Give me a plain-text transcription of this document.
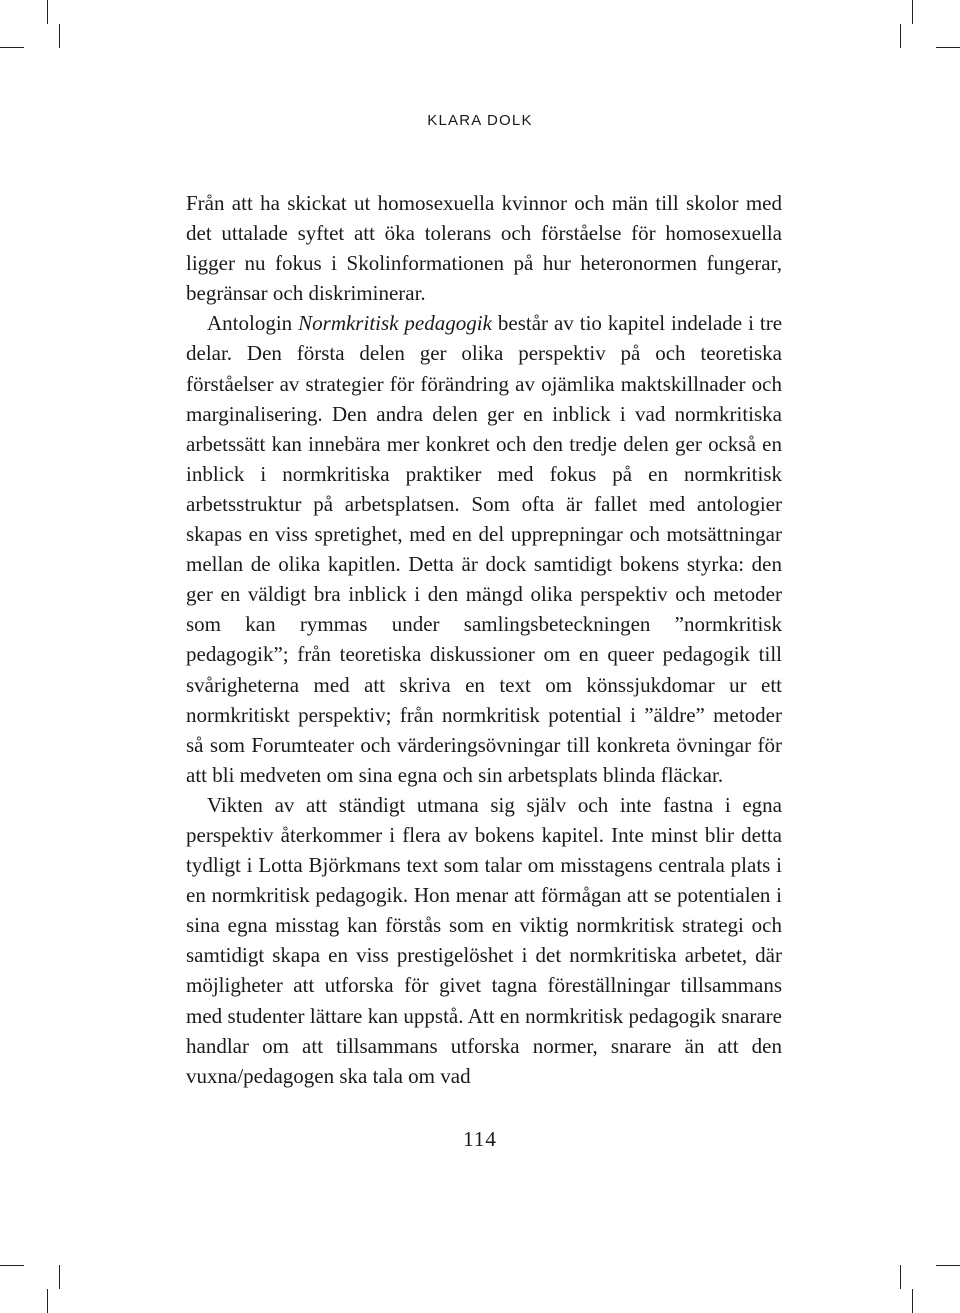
KLARA DOLK

Från att ha skickat ut homosexuella kvinnor och män till skolor med det uttalade syftet att öka tolerans och förståelse för homosexuella ligger nu fokus i Skolinformationen på hur heteronormen fungerar, begränsar och diskriminerar.

Antologin Normkritisk pedagogik består av tio kapitel indelade i tre delar. Den första delen ger olika perspektiv på och teoretiska förståelser av strategier för förändring av ojämlika maktskillnader och marginalisering. Den andra delen ger en inblick i vad normkritiska arbetssätt kan innebära mer konkret och den tredje delen ger också en inblick i normkritiska praktiker med fokus på en normkritisk arbetsstruktur på arbetsplatsen. Som ofta är fallet med antologier skapas en viss spretighet, med en del upprepningar och motsättningar mellan de olika kapitlen. Detta är dock samtidigt bokens styrka: den ger en väldigt bra inblick i den mängd olika perspektiv och metoder som kan rymmas under samlingsbeteckningen ”normkritisk pedagogik”; från teoretiska diskussioner om en queer pedagogik till svårigheterna med att skriva en text om könssjukdomar ur ett normkritiskt perspektiv; från normkritisk potential i ”äldre” metoder så som Forumteater och värderingsövningar till konkreta övningar för att bli medveten om sina egna och sin arbetsplats blinda fläckar.

Vikten av att ständigt utmana sig själv och inte fastna i egna perspektiv återkommer i flera av bokens kapitel. Inte minst blir detta tydligt i Lotta Björkmans text som talar om misstagens centrala plats i en normkritisk pedagogik. Hon menar att förmågan att se potentialen i sina egna misstag kan förstås som en viktig normkritisk strategi och samtidigt skapa en viss prestigelöshet i det normkritiska arbetet, där möjligheter att utforska för givet tagna föreställningar tillsammans med studenter lättare kan uppstå. Att en normkritisk pedagogik snarare handlar om att tillsammans utforska normer, snarare än att den vuxna/pedagogen ska tala om vad

114
